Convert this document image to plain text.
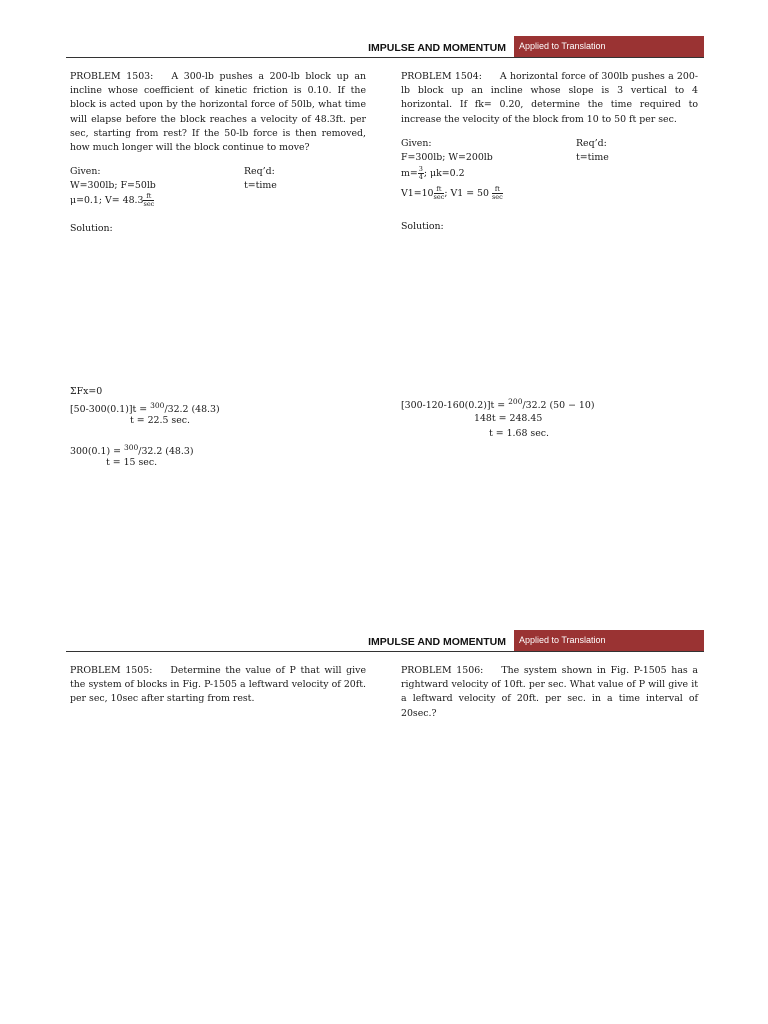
IMPULSE AND MOMENTUM	Applied to Translation
PROBLEM 1503: A 300-lb pushes a 200-lb block up an incline whose coefficient of kinetic friction is 0.10. If the block is acted upon by the horizontal force of 50lb, what time will elapse before the block reaches a velocity of 48.3ft. per sec, starting from rest? If the 50-lb force is then removed, how much longer will the block continue to move?
Given:
W=300lb; F=50lb
μ=0.1; $V= 48.3 \frac{ft}{\sec}$
Req’d:
t=time
Solution:
ΣFx=0
[50-300(0.1)]t = $^{300}$/32.2 (48.3)
t = 22.5 sec.
300(0.1) = $^{300}$/32.2 (48.3)
t = 15 sec.
PROBLEM 1504: A horizontal force of 300lb pushes a 200-lb block up an incline whose slope is 3 vertical to 4 horizontal. If fk= 0.20, determine the time required to increase the velocity of the block from 10 to 50 ft per sec.
Given:
F=300lb; W=200lb
$m= \frac{3}{4}$ ; μk=0.2
$V1=10 \frac{ft}{\sec}$ ; $V1 = 50 \frac{ft}{\sec}$
Req’d:
t=time
Solution:
[300-120-160(0.2)]t = $^{200}$/32.2 (50 − 10)
148t = 248.45
t = 1.68 sec.
IMPULSE AND MOMENTUM	Applied to Translation
PROBLEM 1505: Determine the value of P that will give the system of blocks in Fig. P-1505 a leftward velocity of 20ft. per sec, 10sec after starting from rest.
PROBLEM 1506: The system shown in Fig. P-1505 has a rightward velocity of 10ft. per sec. What value of P will give it a leftward velocity of 20ft. per sec. in a time interval of 20sec.?
